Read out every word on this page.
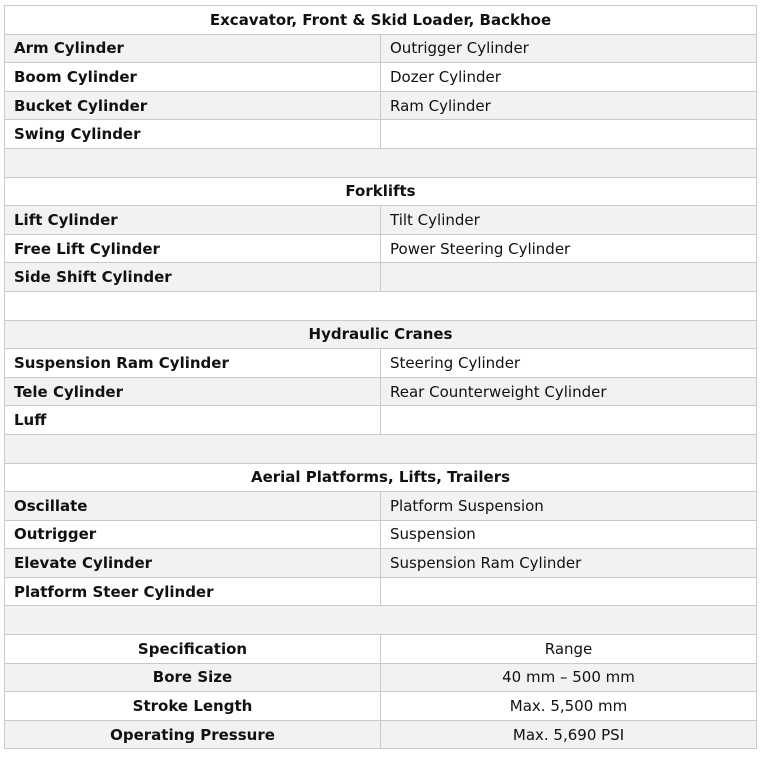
Excavator, Front & Skid Loader, Backhoe	
Arm Cylinder	Outrigger Cylinder
Boom Cylinder	Dozer Cylinder
Bucket Cylinder	Ram Cylinder
Swing Cylinder	

Forklifts	
Lift Cylinder	Tilt Cylinder
Free Lift Cylinder	Power Steering Cylinder
Side Shift Cylinder	

Hydraulic Cranes	
Suspension Ram Cylinder	Steering Cylinder
Tele Cylinder	Rear Counterweight Cylinder
Luff	

Aerial Platforms, Lifts, Trailers	
Oscillate	Platform Suspension
Outrigger	Suspension
Elevate Cylinder	Suspension Ram Cylinder
Platform Steer Cylinder	

Specification	Range
Bore Size	40 mm – 500 mm
Stroke Length	Max. 5,500 mm
Operating Pressure	Max. 5,690 PSI
